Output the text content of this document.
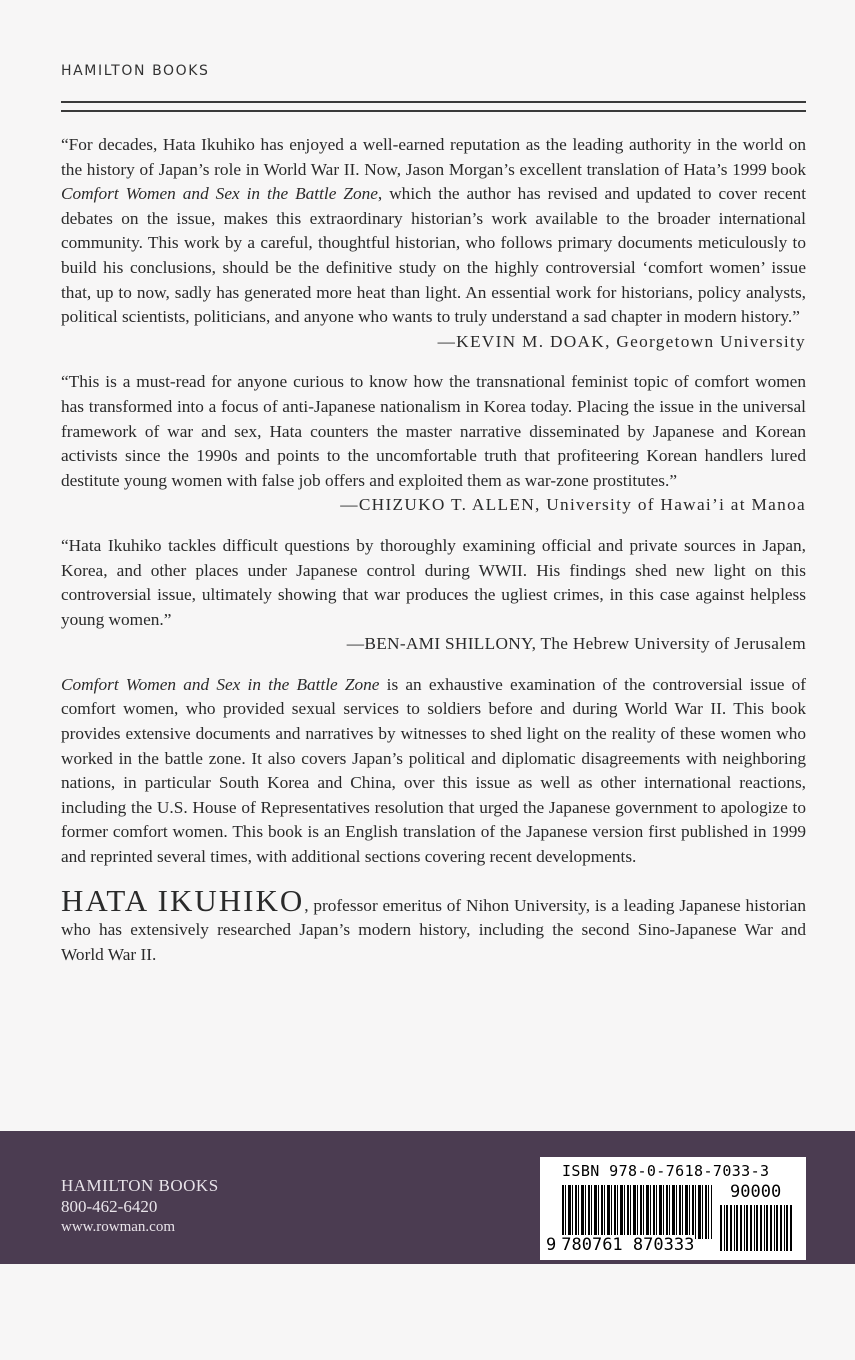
HAMILTON BOOKS

“For decades, Hata Ikuhiko has enjoyed a well-earned reputation as the leading authority in the world on the history of Japan’s role in World War II. Now, Jason Morgan’s excellent translation of Hata’s 1999 book Comfort Women and Sex in the Battle Zone, which the author has revised and updated to cover recent debates on the issue, makes this extraordinary historian’s work available to the broader international community. This work by a careful, thoughtful historian, who follows primary documents meticulously to build his conclusions, should be the definitive study on the highly controversial ‘comfort women’ issue that, up to now, sadly has generated more heat than light. An essential work for historians, policy analysts, political scientists, politicians, and anyone who wants to truly understand a sad chapter in modern history.”

—KEVIN M. DOAK, Georgetown University

“This is a must-read for anyone curious to know how the transnational feminist topic of comfort women has transformed into a focus of anti-Japanese nationalism in Korea today. Placing the issue in the universal framework of war and sex, Hata counters the master narrative disseminated by Japanese and Korean activists since the 1990s and points to the uncomfortable truth that profiteering Korean handlers lured destitute young women with false job offers and exploited them as war-zone prostitutes.”

—CHIZUKO T. ALLEN, University of Hawai’i at Manoa

“Hata Ikuhiko tackles difficult questions by thoroughly examining official and private sources in Japan, Korea, and other places under Japanese control during WWII. His findings shed new light on this controversial issue, ultimately showing that war produces the ugliest crimes, in this case against helpless young women.”

—BEN-AMI SHILLONY, The Hebrew University of Jerusalem

Comfort Women and Sex in the Battle Zone is an exhaustive examination of the controversial issue of comfort women, who provided sexual services to soldiers before and during World War II. This book provides extensive documents and narratives by witnesses to shed light on the reality of these women who worked in the battle zone. It also covers Japan’s political and diplomatic disagreements with neighboring nations, in particular South Korea and China, over this issue as well as other international reactions, including the U.S. House of Representatives resolution that urged the Japanese government to apologize to former comfort women. This book is an English translation of the Japanese version first published in 1999 and reprinted several times, with additional sections covering recent developments.

HATA IKUHIKO, professor emeritus of Nihon University, is a leading Japanese historian who has extensively researched Japan’s modern history, including the second Sino-Japanese War and World War II.

HAMILTON BOOKS
800-462-6420
www.rowman.com
ISBN 978-0-7618-7033-3
90000
9 780761 870333
